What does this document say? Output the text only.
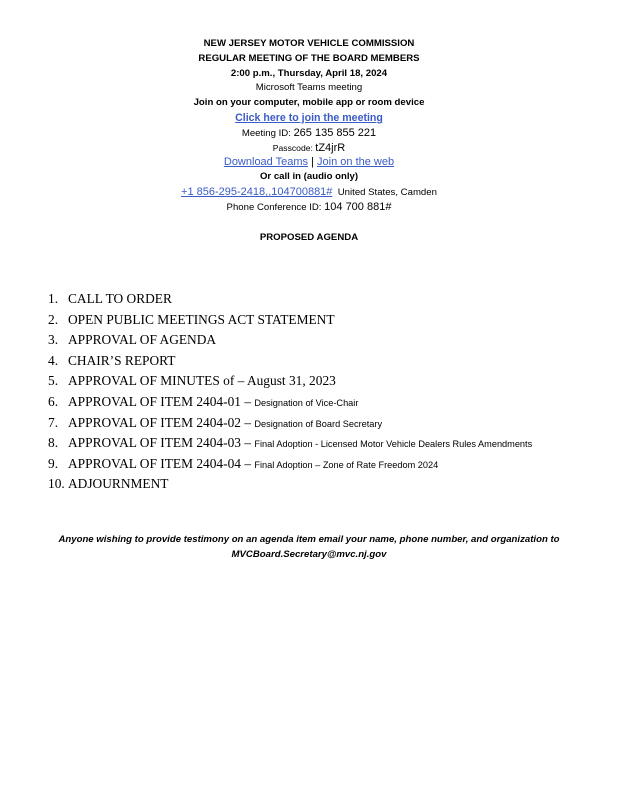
NEW JERSEY MOTOR VEHICLE COMMISSION
REGULAR MEETING OF THE BOARD MEMBERS
2:00 p.m., Thursday, April 18, 2024
Microsoft Teams meeting
Join on your computer, mobile app or room device
Click here to join the meeting
Meeting ID: 265 135 855 221
Passcode: tZ4jrR
Download Teams | Join on the web
Or call in (audio only)
+1 856-295-2418,,104700881#  United States, Camden
Phone Conference ID: 104 700 881#
PROPOSED AGENDA
1. CALL TO ORDER
2. OPEN PUBLIC MEETINGS ACT STATEMENT
3. APPROVAL OF AGENDA
4. CHAIR’S REPORT
5. APPROVAL OF MINUTES of – August 31, 2023
6. APPROVAL OF ITEM 2404-01 – Designation of Vice-Chair
7. APPROVAL OF ITEM 2404-02 – Designation of Board Secretary
8. APPROVAL OF ITEM 2404-03 – Final Adoption - Licensed Motor Vehicle Dealers Rules Amendments
9. APPROVAL OF ITEM 2404-04 – Final Adoption – Zone of Rate Freedom 2024
10. ADJOURNMENT
Anyone wishing to provide testimony on an agenda item email your name, phone number, and organization to
MVCBoard.Secretary@mvc.nj.gov
